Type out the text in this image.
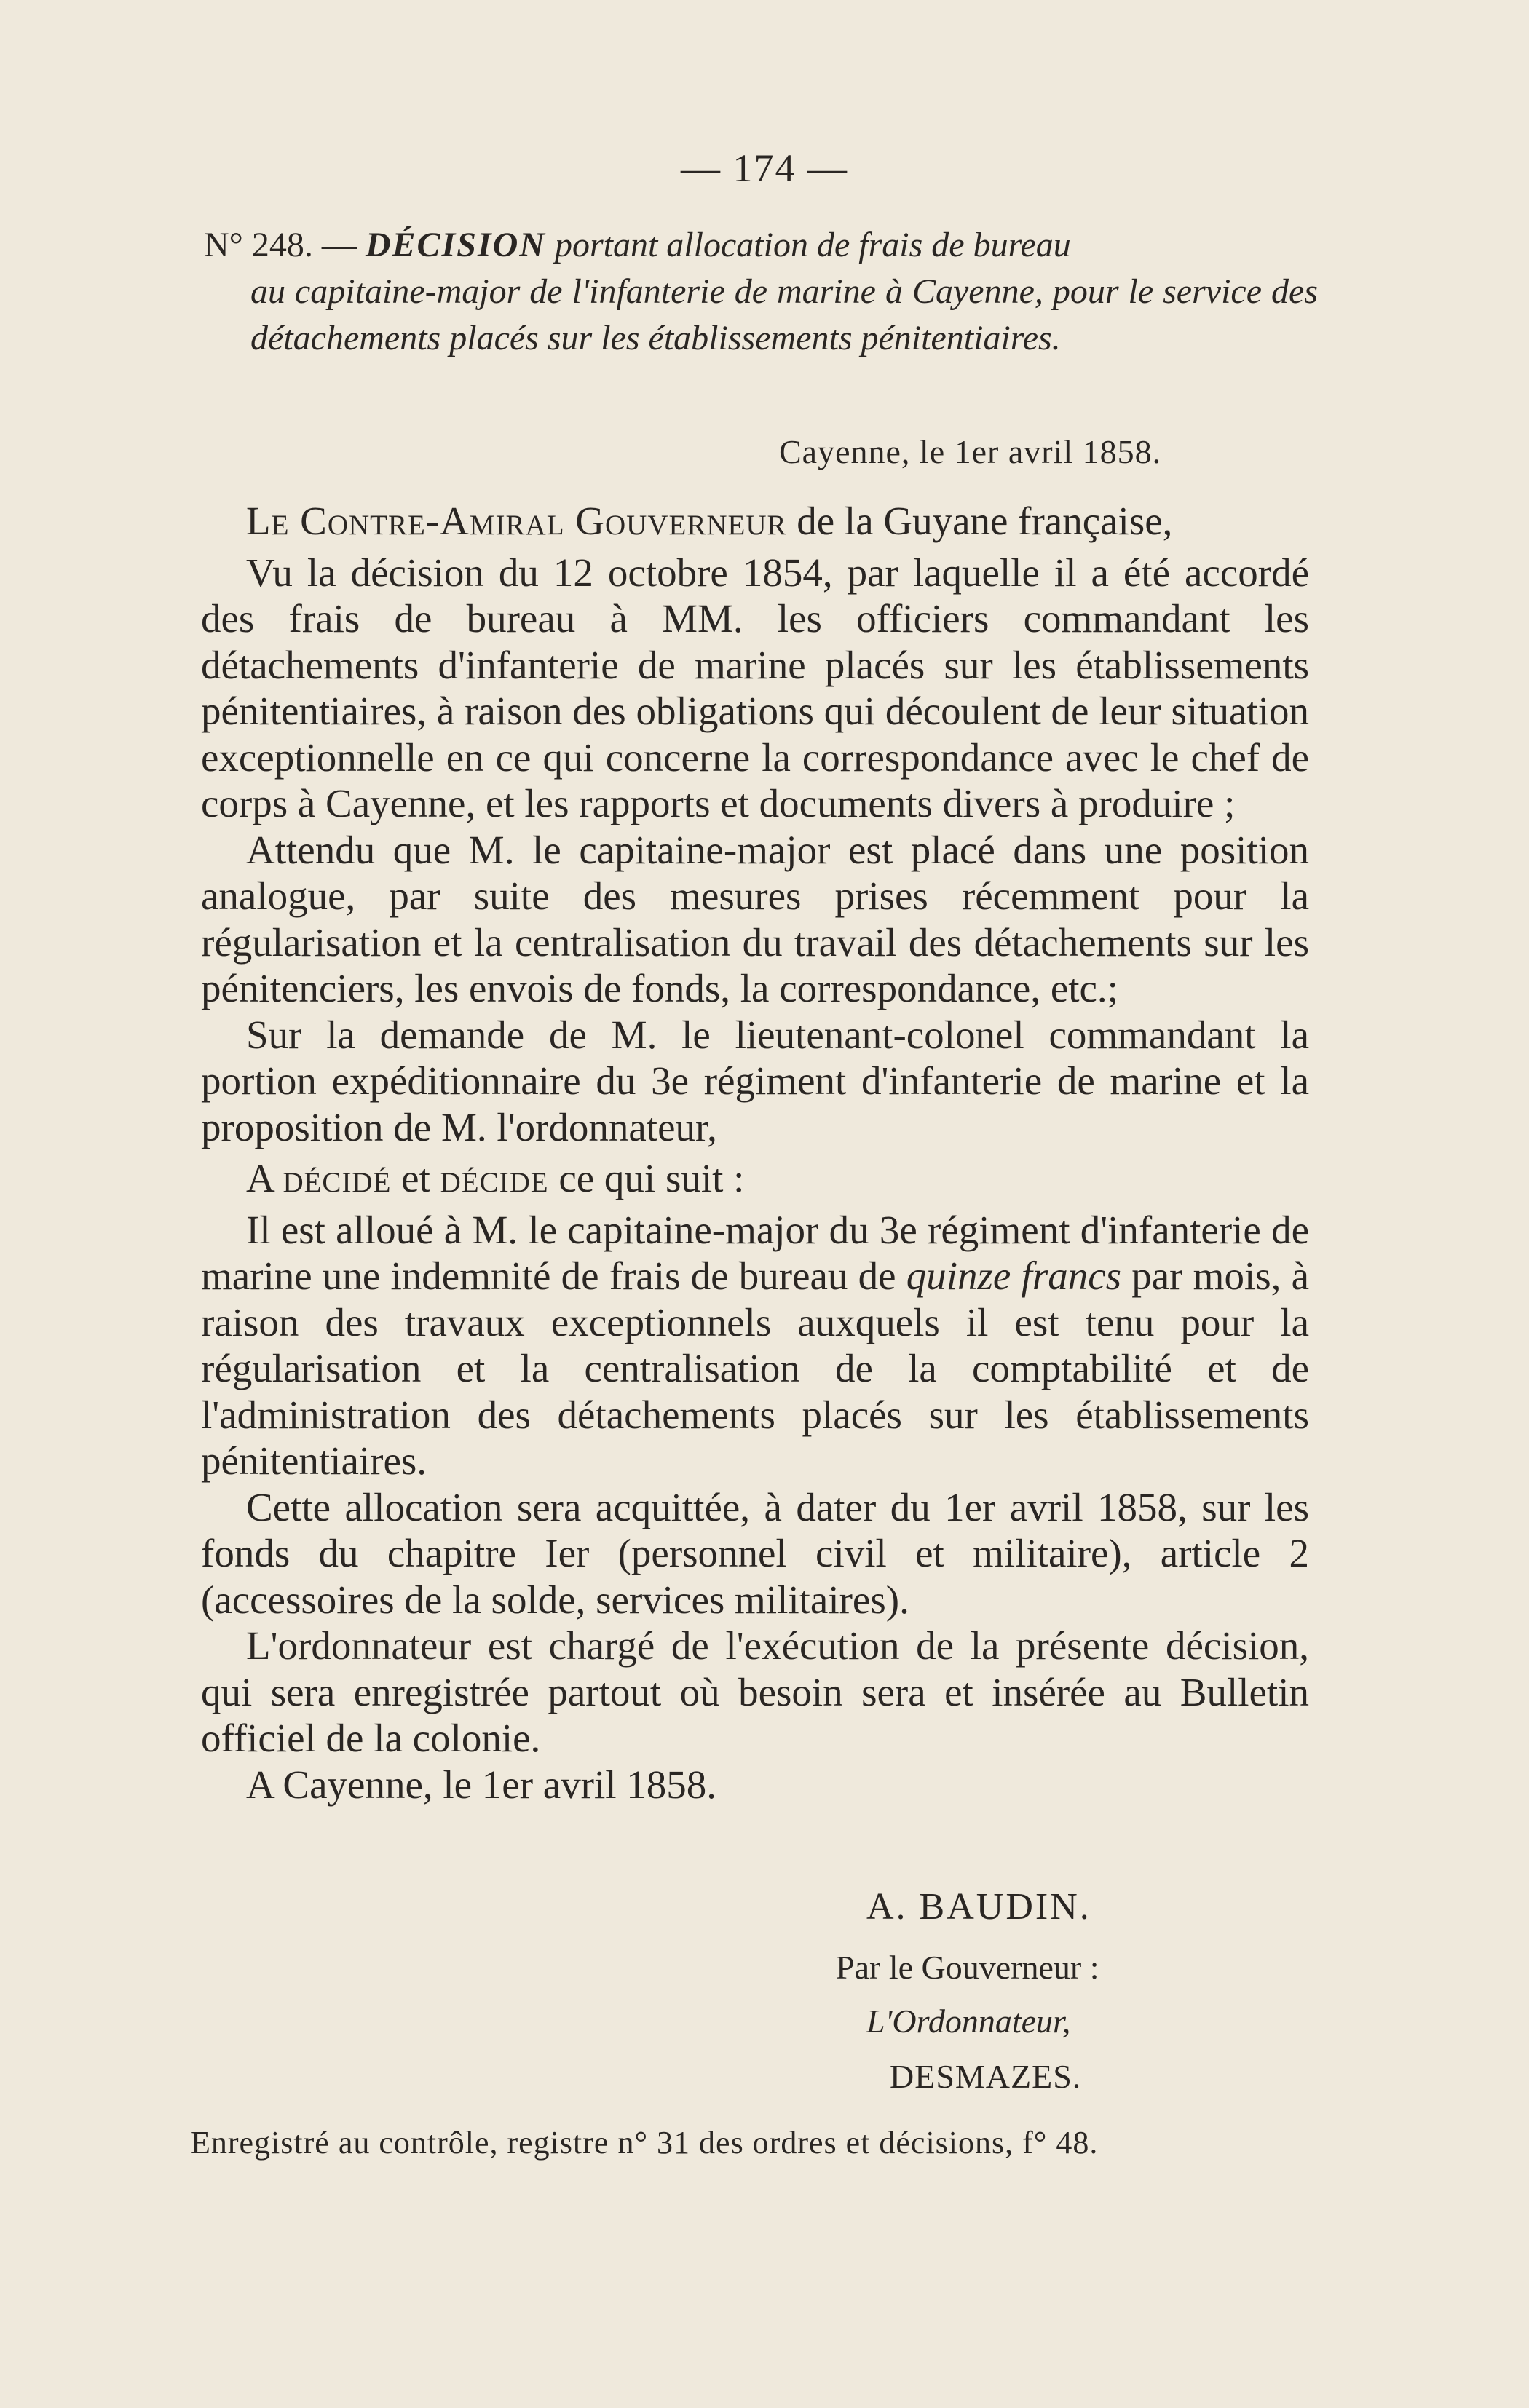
— 174 —
N° 248. — DÉCISION portant allocation de frais de bureau
au capitaine-major de l'infanterie de marine à Cayenne, pour le service des détachements placés sur les établissements pénitentiaires.
Cayenne, le 1er avril 1858.

Le Contre-Amiral Gouverneur de la Guyane française,

Vu la décision du 12 octobre 1854, par laquelle il a été accordé des frais de bureau à MM. les officiers commandant les détachements d'infanterie de marine placés sur les établissements pénitentiaires, à raison des obligations qui découlent de leur situation exceptionnelle en ce qui concerne la correspondance avec le chef de corps à Cayenne, et les rapports et documents divers à produire ;

Attendu que M. le capitaine-major est placé dans une position analogue, par suite des mesures prises récemment pour la régularisation et la centralisation du travail des détachements sur les pénitenciers, les envois de fonds, la correspondance, etc.;

Sur la demande de M. le lieutenant-colonel commandant la portion expéditionnaire du 3e régiment d'infanterie de marine et la proposition de M. l'ordonnateur,

A décidé et décide ce qui suit :

Il est alloué à M. le capitaine-major du 3e régiment d'infanterie de marine une indemnité de frais de bureau de quinze francs par mois, à raison des travaux exceptionnels auxquels il est tenu pour la régularisation et la centralisation de la comptabilité et de l'administration des détachements placés sur les établissements pénitentiaires.

Cette allocation sera acquittée, à dater du 1er avril 1858, sur les fonds du chapitre Ier (personnel civil et militaire), article 2 (accessoires de la solde, services militaires).

L'ordonnateur est chargé de l'exécution de la présente décision, qui sera enregistrée partout où besoin sera et insérée au Bulletin officiel de la colonie.

A Cayenne, le 1er avril 1858.

A. BAUDIN.
Par le Gouverneur :
L'Ordonnateur,
DESMAZES.
Enregistré au contrôle, registre n° 31 des ordres et décisions, f° 48.
